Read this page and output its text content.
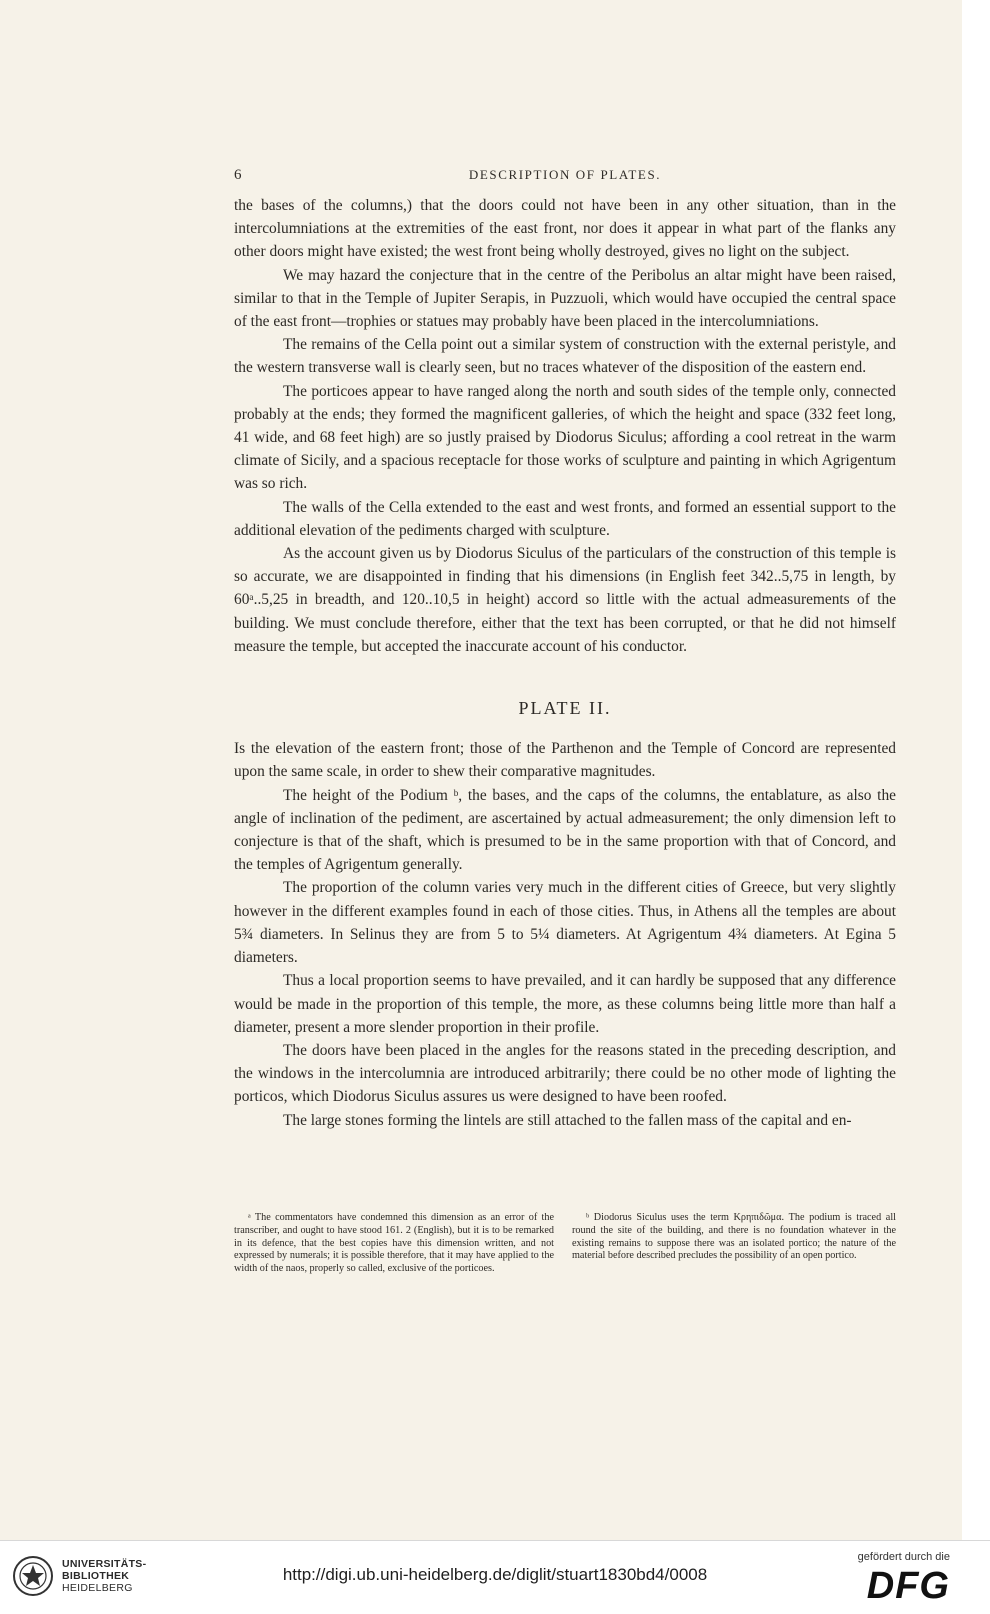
6	DESCRIPTION OF PLATES.

the bases of the columns,) that the doors could not have been in any other situation, than in the intercolumniations at the extremities of the east front, nor does it appear in what part of the flanks any other doors might have existed; the west front being wholly destroyed, gives no light on the subject.

We may hazard the conjecture that in the centre of the Peribolus an altar might have been raised, similar to that in the Temple of Jupiter Serapis, in Puzzuoli, which would have occupied the central space of the east front—trophies or statues may probably have been placed in the intercolumniations.

The remains of the Cella point out a similar system of construction with the external peristyle, and the western transverse wall is clearly seen, but no traces whatever of the disposition of the eastern end.

The porticoes appear to have ranged along the north and south sides of the temple only, connected probably at the ends; they formed the magnificent galleries, of which the height and space (332 feet long, 41 wide, and 68 feet high) are so justly praised by Diodorus Siculus; affording a cool retreat in the warm climate of Sicily, and a spacious receptacle for those works of sculpture and painting in which Agrigentum was so rich.

The walls of the Cella extended to the east and west fronts, and formed an essential support to the additional elevation of the pediments charged with sculpture.

As the account given us by Diodorus Siculus of the particulars of the construction of this temple is so accurate, we are disappointed in finding that his dimensions (in English feet 342..5,75 in length, by 60ᵃ..5,25 in breadth, and 120..10,5 in height) accord so little with the actual admeasurements of the building. We must conclude therefore, either that the text has been corrupted, or that he did not himself measure the temple, but accepted the inaccurate account of his conductor.

PLATE II.

Is the elevation of the eastern front; those of the Parthenon and the Temple of Concord are represented upon the same scale, in order to shew their comparative magnitudes.

The height of the Podium ᵇ, the bases, and the caps of the columns, the entablature, as also the angle of inclination of the pediment, are ascertained by actual admeasurement; the only dimension left to conjecture is that of the shaft, which is presumed to be in the same proportion with that of Concord, and the temples of Agrigentum generally.

The proportion of the column varies very much in the different cities of Greece, but very slightly however in the different examples found in each of those cities. Thus, in Athens all the temples are about 5¾ diameters. In Selinus they are from 5 to 5¼ diameters. At Agrigentum 4¾ diameters. At Egina 5 diameters.

Thus a local proportion seems to have prevailed, and it can hardly be supposed that any difference would be made in the proportion of this temple, the more, as these columns being little more than half a diameter, present a more slender proportion in their profile.

The doors have been placed in the angles for the reasons stated in the preceding description, and the windows in the intercolumnia are introduced arbitrarily; there could be no other mode of lighting the porticos, which Diodorus Siculus assures us were designed to have been roofed.

The large stones forming the lintels are still attached to the fallen mass of the capital and en-

ᵃ The commentators have condemned this dimension as an error of the transcriber, and ought to have stood 161. 2 (English), but it is to be remarked in its defence, that the best copies have this dimension written, and not expressed by numerals; it is possible therefore, that it may have applied to the width of the naos, properly so called, exclusive of the porticoes.

ᵇ Diodorus Siculus uses the term Κρηπιδῶμα. The podium is traced all round the site of the building, and there is no foundation whatever in the existing remains to suppose there was an isolated portico; the nature of the material before described precludes the possibility of an open portico.

UNIVERSITÄTS-
BIBLIOTHEK
HEIDELBERG
http://digi.ub.uni-heidelberg.de/diglit/stuart1830bd4/0008
gefördert durch die
DFG
